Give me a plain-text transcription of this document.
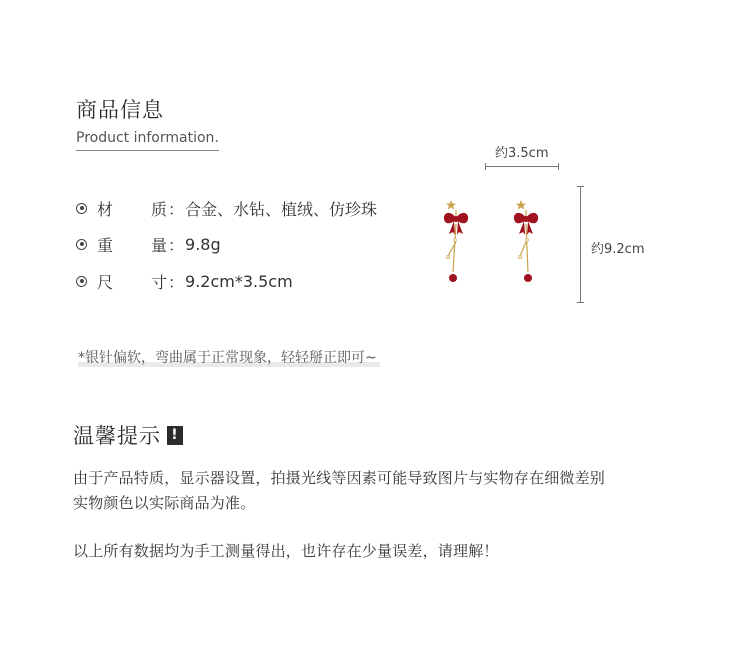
商品信息
Product information.
材质 ： 合金、水钻、植绒、仿珍珠
重量 ： 9.8g
尺寸 ： 9.2cm*3.5cm
约3.5cm
约9.2cm
*银针偏软，弯曲属于正常现象，轻轻掰正即可~
温馨提示 !
由于产品特质，显示器设置，拍摄光线等因素可能导致图片与实物存在细微差别
实物颜色以实际商品为准。
以上所有数据均为手工测量得出，也许存在少量误差，请理解！
